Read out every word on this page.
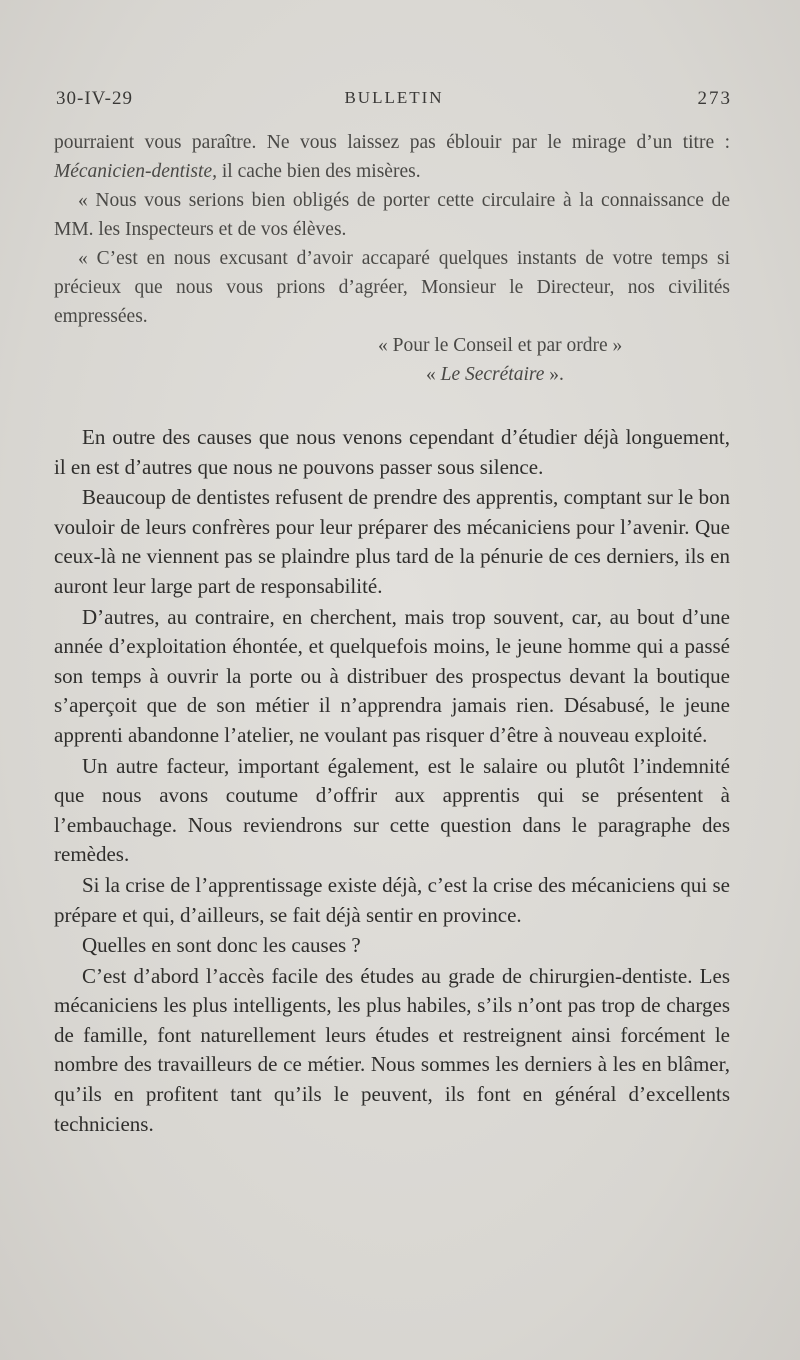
30-IV-29	BULLETIN	273

pourraient vous paraître. Ne vous laissez pas éblouir par le mirage d’un titre : Mécanicien-dentiste, il cache bien des misères.

« Nous vous serions bien obligés de porter cette circulaire à la connaissance de MM. les Inspecteurs et de vos élèves.

« C’est en nous excusant d’avoir accaparé quelques instants de votre temps si précieux que nous vous prions d’agréer, Monsieur le Directeur, nos civilités empressées.

« Pour le Conseil et par ordre »
« Le Secrétaire ».

En outre des causes que nous venons cependant d’étudier déjà longuement, il en est d’autres que nous ne pouvons passer sous silence.

Beaucoup de dentistes refusent de prendre des apprentis, comptant sur le bon vouloir de leurs confrères pour leur préparer des mécaniciens pour l’avenir. Que ceux-là ne viennent pas se plaindre plus tard de la pénurie de ces derniers, ils en auront leur large part de responsabilité.

D’autres, au contraire, en cherchent, mais trop souvent, car, au bout d’une année d’exploitation éhontée, et quelquefois moins, le jeune homme qui a passé son temps à ouvrir la porte ou à distribuer des prospectus devant la boutique s’aperçoit que de son métier il n’apprendra jamais rien. Désabusé, le jeune apprenti abandonne l’atelier, ne voulant pas risquer d’être à nouveau exploité.

Un autre facteur, important également, est le salaire ou plutôt l’indemnité que nous avons coutume d’offrir aux apprentis qui se présentent à l’embauchage. Nous reviendrons sur cette question dans le paragraphe des remèdes.

Si la crise de l’apprentissage existe déjà, c’est la crise des mécaniciens qui se prépare et qui, d’ailleurs, se fait déjà sentir en province.

Quelles en sont donc les causes ?

C’est d’abord l’accès facile des études au grade de chirurgien-dentiste. Les mécaniciens les plus intelligents, les plus habiles, s’ils n’ont pas trop de charges de famille, font naturellement leurs études et restreignent ainsi forcément le nombre des travailleurs de ce métier. Nous sommes les derniers à les en blâmer, qu’ils en profitent tant qu’ils le peuvent, ils font en général d’excellents techniciens.
